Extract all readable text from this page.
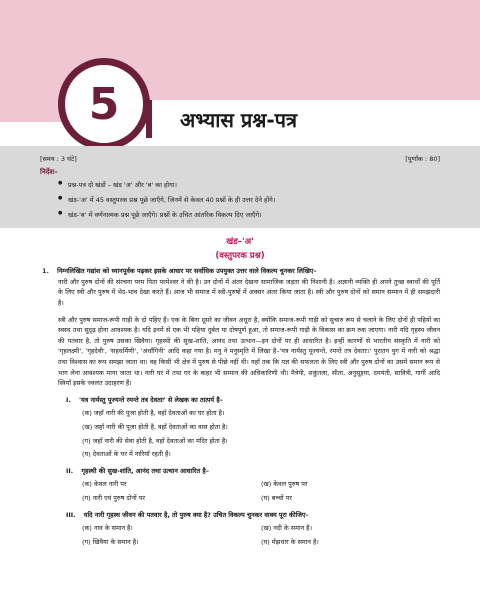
5	अभ्यास प्रश्न-पत्र
[समय : 3 घंटे]	[पूर्णांक : 80]
निर्देश–
● प्रश्न-पत्र दो खंडों – खंड 'अ' और 'ब' का होगा।
● खंड-'अ' में 45 वस्तुपरक प्रश्न पूछे जाएँगे, जिनमें से केवल 40 प्रश्नों के ही उत्तर देने होंगे।
● खंड-'ब' में वर्णनात्मक प्रश्न पूछे जाएँगे। प्रश्नों के उचित आंतरिक विकल्प दिए जाएँगे।
खंड–'अ'
(वस्तुपरक प्रश्न)
1. निम्नलिखित गद्यांश को ध्यानपूर्वक पढ़कर इसके आधार पर सर्वाधिक उपयुक्त उत्तर वाले विकल्प चुनकर लिखिए–

नारी और पुरुष दोनों की संरचना परम पिता परमेश्वर ने की है। उन दोनों में अंतर देखना सामाजिक जड़ता की निशानी है। अज्ञानी व्यक्ति ही अपने तुच्छ स्वार्थों की पूर्ति के लिए स्त्री और पुरुष में भेद-भाव देखा करते हैं। आज भी समाज में स्त्री-पुरुषों में अक्सर अंतर किया जाता है। स्त्री और पुरुष दोनों को समान सम्मान में ही समझदारी है।

स्त्री और पुरुष समाज-रूपी गाड़ी के दो पहिए हैं। एक के बिना दूसरे का जीवन अधूरा है, क्योंकि समाज-रूपी गाड़ी को सुचारु रूप से चलाने के लिए दोनों ही पहियों का स्वस्थ तथा सुदृढ़ होना आवश्यक है। यदि इनमें से एक भी पहिया दुर्बल या दोषपूर्ण हुआ, तो समाज-रूपी गाड़ी के विकास का क्रम रुक जाएगा। नारी यदि गृहस्थ जीवन की पतवार है, तो पुरुष उसका खिवैया। गृहस्थी की सुख-शांति, आनंद तथा उत्थान—इन दोनों पर ही आधारित है। इन्हीं कारणों से भारतीय संस्कृति में नारी को 'गृहलक्ष्मी', 'गृहदेवी', 'सहधर्मिणी', 'अर्धांगिनी' आदि कहा गया है। मनु ने मनुस्मृति में लिखा है–'यत्र नार्यस्तु पूज्यन्ते, रमन्ते तत्र देवताः।' पुरातन युग में नारी को श्रद्धा तथा विश्वास का रूप समझा जाता था। वह किसी भी क्षेत्र में पुरुष से पीछे नहीं थी। यहाँ तक कि यज्ञ की सफलता के लिए स्त्री और पुरुष दोनों का उसमें समान रूप से भाग लेना आवश्यक माना जाता था। नारी घर में तथा घर के बाहर भी सम्मान की अधिकारिणी थी। मैत्रेयी, शकुंतला, सीता, अनुसूइया, दमयंती, सावित्री, गार्गी आदि स्त्रियाँ इसके ज्वलंत उदाहरण हैं।

I. 'यत्र नार्यस्तु पूज्यन्ते रमन्ते तत्र देवताः' से लेखक का तात्पर्य है–
(क) जहाँ नारी की पूजा होती है, वहाँ देवताओं का घर होता है।
(ख) जहाँ नारी की पूजा होती है, वहाँ देवताओं का वास होता है।
(ग) जहाँ नारी की सेवा होती है, वहाँ देवताओं का मंदिर होता है।
(घ) देवताओं के घर में नारियाँ रहती हैं।
II. गृहस्थी की सुख-शांति, आनंद तथा उत्थान आधारित है–
(क) केवल नारी पर	(ख) केवल पुरुष पर
(ग) नारी एवं पुरुष दोनों पर	(घ) बच्चों पर
III. यदि नारी गृहस्थ जीवन की पतवार है, तो पुरुष क्या है? उचित विकल्प चुनकर वाक्य पूरा कीजिए–
(क) नाव के समान है।	(ख) नदी के समान है।
(ग) खिवैया के समान है।	(घ) मँझधार के समान है।
